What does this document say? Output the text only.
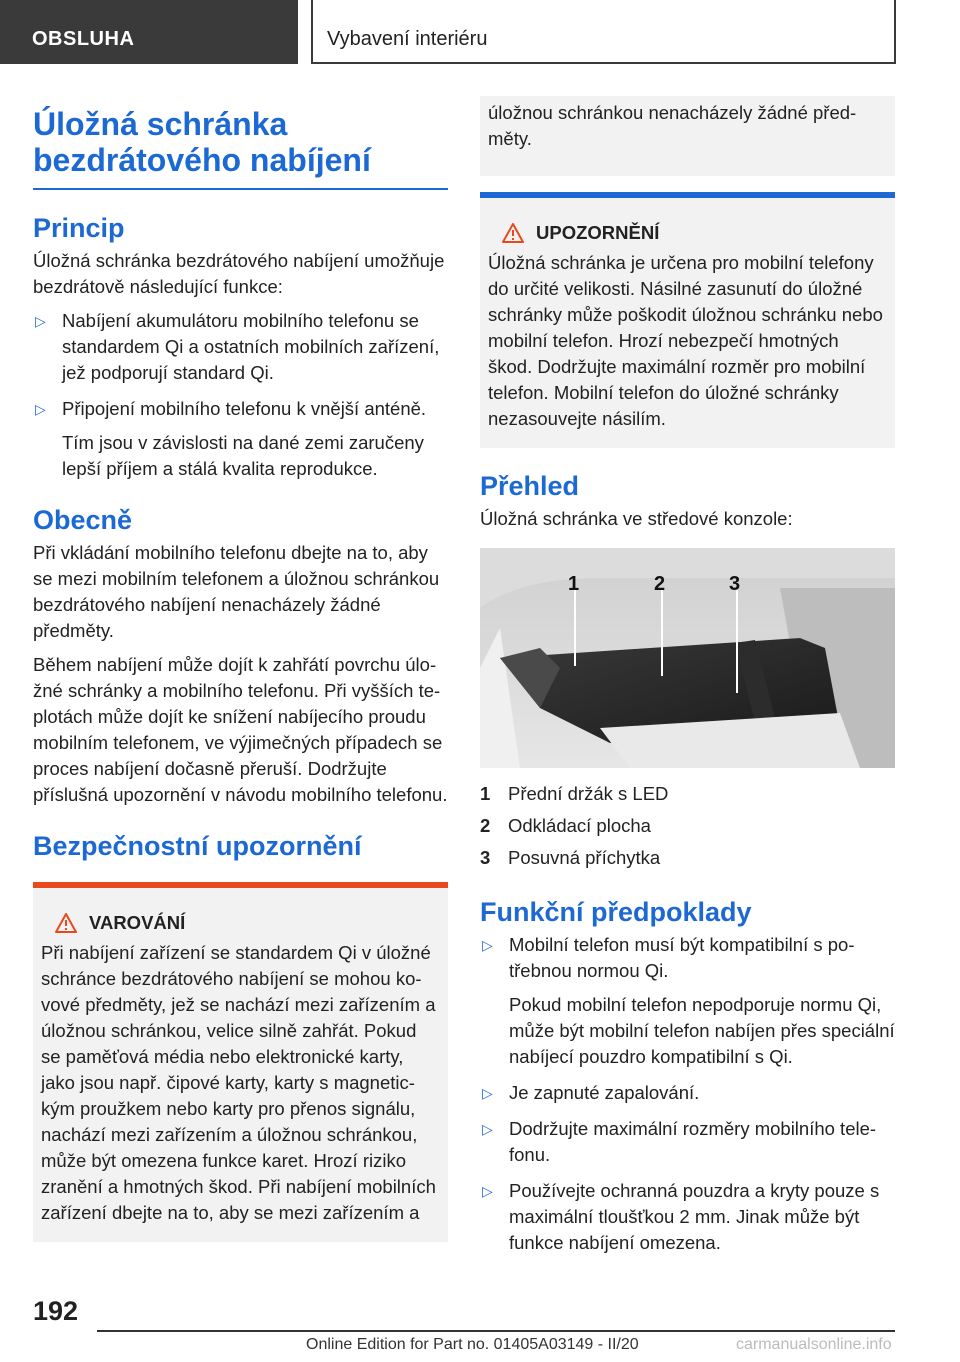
OBSLUHA	Vybavení interiéru
Úložná schránka
bezdrátového nabíjení
Princip

Úložná schránka bezdrátového nabíjení umožňuje bezdrátově následující funkce:

▷ Nabíjení akumulátoru mobilního telefonu se standardem Qi a ostatních mobilních zařízení, jež podporují standard Qi.
▷ Připojení mobilního telefonu k vnější anténě.
Tím jsou v závislosti na dané zemi zaručeny lepší příjem a stálá kvalita reprodukce.
Obecně

Při vkládání mobilního telefonu dbejte na to, aby se mezi mobilním telefonem a úložnou schránkou bezdrátového nabíjení nenacházely žádné předměty.

Během nabíjení může dojít k zahřátí povrchu úložné schránky a mobilního telefonu. Při vyšších teplotách může dojít ke snížení nabíjecího proudu mobilním telefonem, ve výjimečných případech se proces nabíjení dočasně přeruší. Dodržujte příslušná upozornění v návodu mobilního telefonu.

Bezpečnostní upozornění
VAROVÁNÍ

Při nabíjení zařízení se standardem Qi v úložné schránce bezdrátového nabíjení se mohou kovové předměty, jež se nachází mezi zařízením a úložnou schránkou, velice silně zahřát. Pokud se paměťová média nebo elektronické karty, jako jsou např. čipové karty, karty s magnetickým proužkem nebo karty pro přenos signálu, nachází mezi zařízením a úložnou schránkou, může být omezena funkce karet. Hrozí riziko zranění a hmotných škod. Při nabíjení mobilních zařízení dbejte na to, aby se mezi zařízením a

úložnou schránkou nenacházely žádné předměty.

UPOZORNĚNÍ

Úložná schránka je určena pro mobilní telefony do určité velikosti. Násilné zasunutí do úložné schránky může poškodit úložnou schránku nebo mobilní telefon. Hrozí nebezpečí hmotných škod. Dodržujte maximální rozměr pro mobilní telefon. Mobilní telefon do úložné schránky nezasouvejte násilím.

Přehled

Úložná schránka ve středové konzole:

1	2	3
1 Přední držák s LED
2 Odkládací plocha
3 Posuvná příchytka
Funkční předpoklady
▷ Mobilní telefon musí být kompatibilní s potřebnou normou Qi.
Pokud mobilní telefon nepodporuje normu Qi, může být mobilní telefon nabíjen přes speciální nabíjecí pouzdro kompatibilní s Qi.
▷ Je zapnuté zapalování.
▷ Dodržujte maximální rozměry mobilního telefonu.
▷ Používejte ochranná pouzdra a kryty pouze s maximální tloušťkou 2 mm. Jinak může být funkce nabíjení omezena.
192
Online Edition for Part no. 01405A03149 - II/20	carmanualsonline.info
